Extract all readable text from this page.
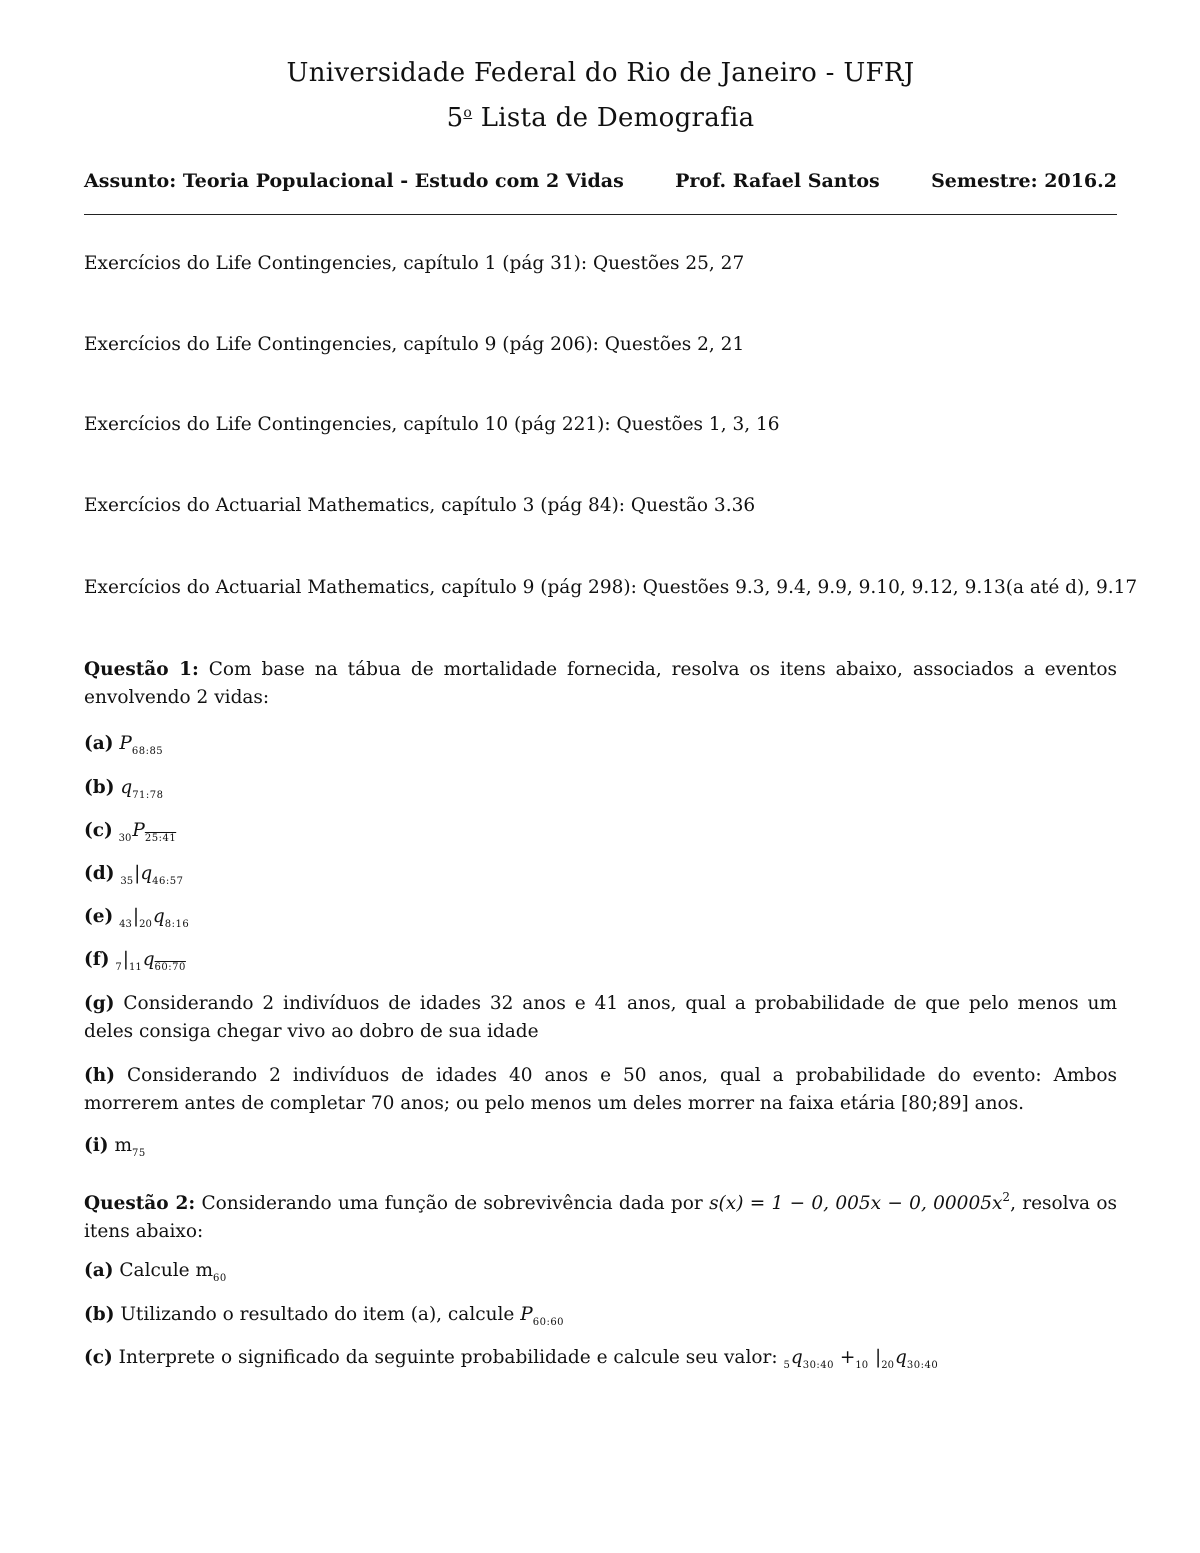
Universidade Federal do Rio de Janeiro - UFRJ
5$^o$ Lista de Demografia
Assunto: Teoria Populacional - Estudo com 2 Vidas	Prof. Rafael Santos	Semestre: 2016.2
Exercícios do Life Contingencies, capítulo 1 (pág 31): Questões 25, 27
Exercícios do Life Contingencies, capítulo 9 (pág 206): Questões 2, 21
Exercícios do Life Contingencies, capítulo 10 (pág 221): Questões 1, 3, 16
Exercícios do Actuarial Mathematics, capítulo 3 (pág 84): Questão 3.36
Exercícios do Actuarial Mathematics, capítulo 9 (pág 298): Questões 9.3, 9.4, 9.9, 9.10, 9.12, 9.13(a até d), 9.17
Questão 1: Com base na tábua de mortalidade fornecida, resolva os itens abaixo, associados a eventos envolvendo 2 vidas:
(a) $P_{68:85}$
(b) $q_{71:78}$
(c) $_{30}P_{25:41}$
(d) $_{35}|q_{46:57}$
(e) $_{43}|_{20}q_{8:16}$
(f) $_7|_{11}q_{60:70}$
(g) Considerando 2 indivíduos de idades 32 anos e 41 anos, qual a probabilidade de que pelo menos um deles consiga chegar vivo ao dobro de sua idade
(h) Considerando 2 indivíduos de idades 40 anos e 50 anos, qual a probabilidade do evento: Ambos morrerem antes de completar 70 anos; ou pelo menos um deles morrer na faixa etária [80;89] anos.
(i) $m_{75}$
Questão 2: Considerando uma função de sobrevivência dada por s(x) = 1 − 0, 005x − 0, $00005x^2$, resolva os itens abaixo:
(a) Calcule $m_{60}$
(b) Utilizando o resultado do item (a), calcule $P_{60:60}$
(c) Interprete o significado da seguinte probabilidade e calcule seu valor: $_5q_{30:40} +_{10}$ $|_{20}q_{30:40}$
